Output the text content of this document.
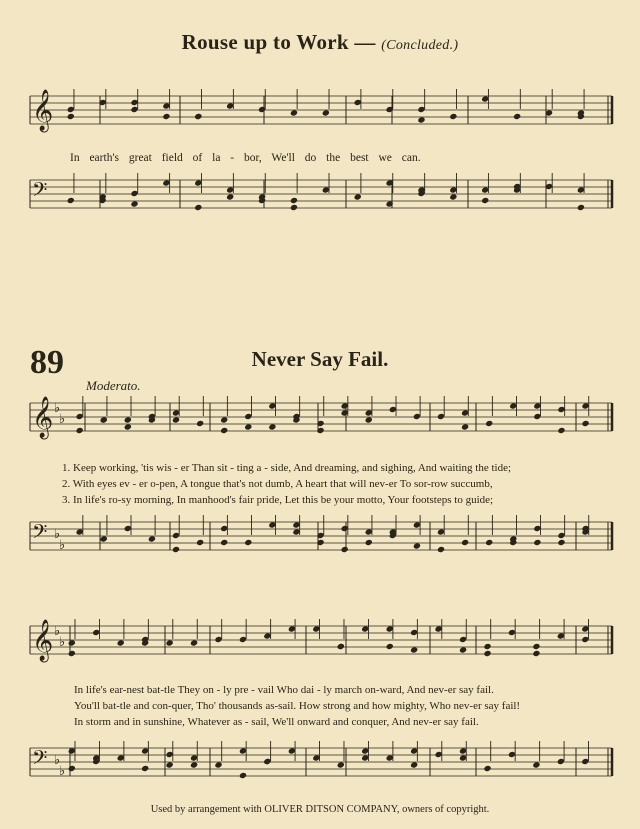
Rouse up to Work — (Concluded.)
In earth's great field of la - bor, We'll do the best we can.
89	Never Say Fail.
Moderato.
1. Keep working, 'tis wis - er Than sit - ting a - side, And dreaming, and sighing, And waiting the tide;
2. With eyes ev - er o-pen, A tongue that's not dumb, A heart that will nev-er To sor-row succumb,
3. In life's ro-sy morning, In manhood's fair pride, Let this be your motto, Your footsteps to guide;
In life's ear-nest bat-tle They on - ly pre - vail Who dai - ly march on-ward, And nev-er say fail.
You'll bat-tle and con-quer, Tho' thousands as-sail. How strong and how mighty, Who nev-er say fail!
In storm and in sunshine, Whatever as - sail, We'll onward and conquer, And nev-er say fail.
Used by arrangement with OLIVER DITSON COMPANY, owners of copyright.
𝄞
𝄢
𝄞 ♭
♭
𝄢 ♭
♭
𝄞 ♭
♭
𝄢 ♭
♭
